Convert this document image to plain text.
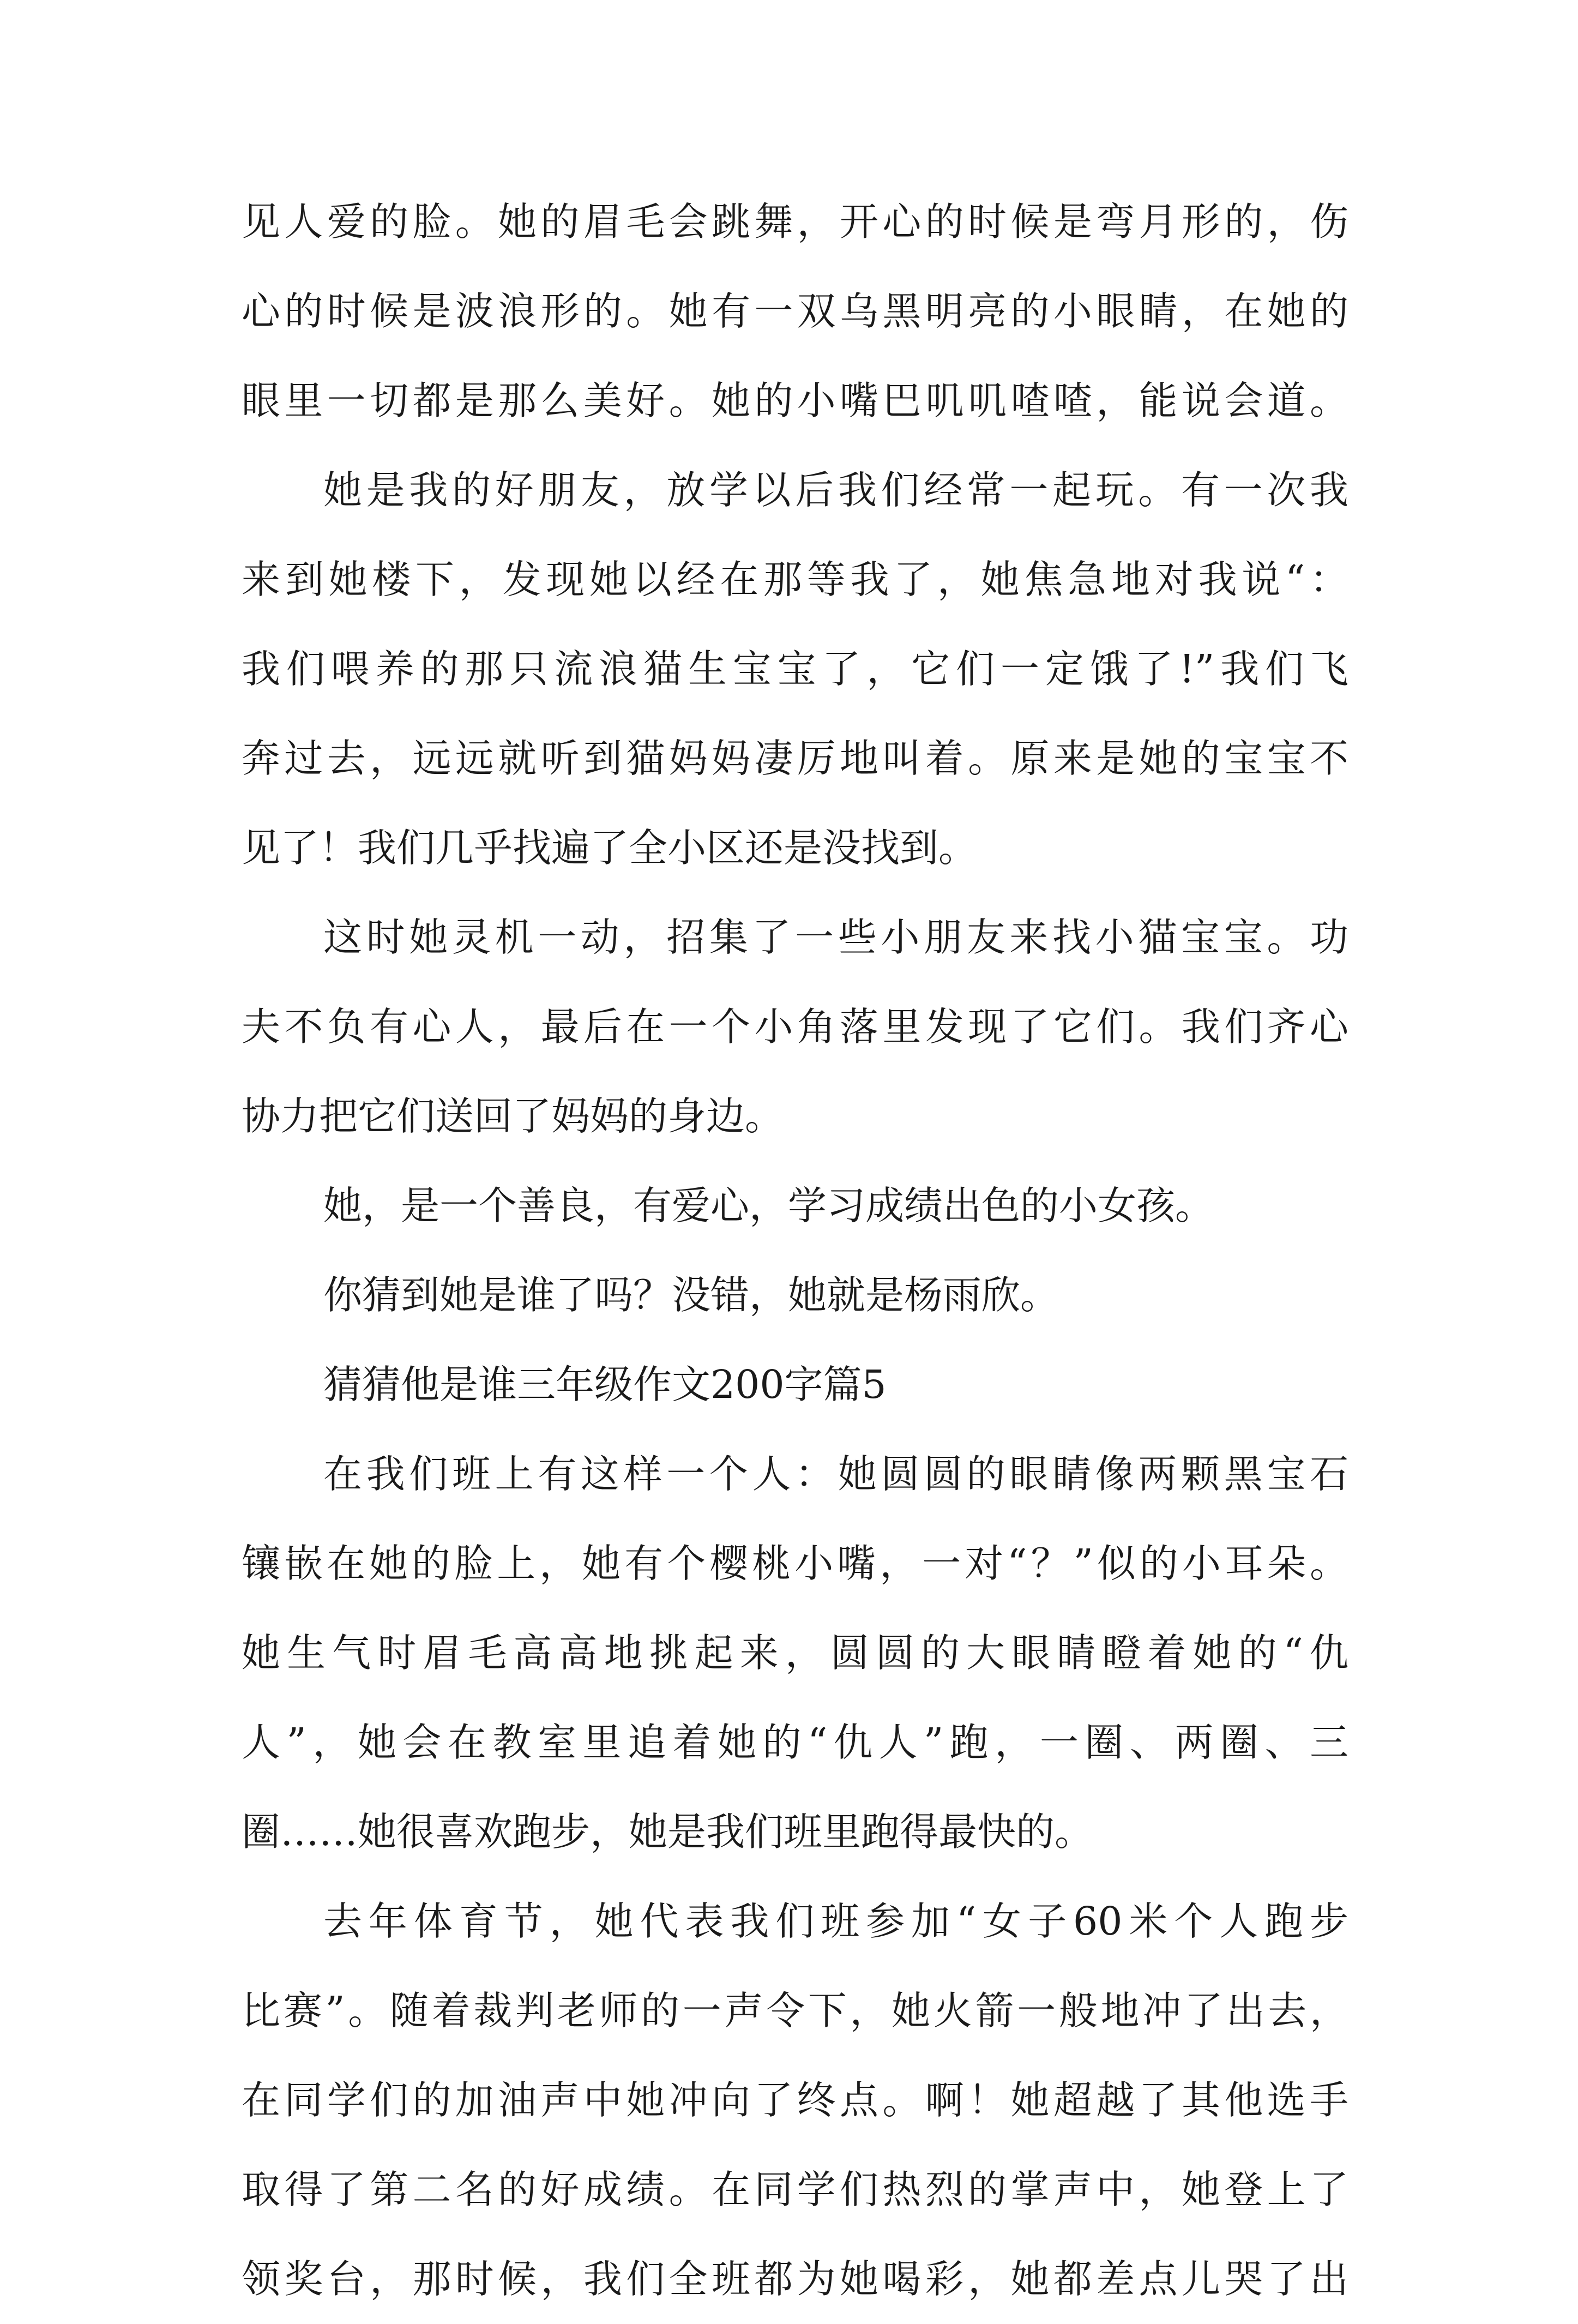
见人爱的脸。她的眉毛会跳舞，开心的时候是弯月形的，伤
心的时候是波浪形的。她有一双乌黑明亮的小眼睛，在她的
眼里一切都是那么美好。她的小嘴巴叽叽喳喳，能说会道。
她是我的好朋友，放学以后我们经常一起玩。有一次我
来到她楼下，发现她以经在那等我了，她焦急地对我说“：
我们喂养的那只流浪猫生宝宝了，它们一定饿了!”我们飞
奔过去，远远就听到猫妈妈凄厉地叫着。原来是她的宝宝不
见了！我们几乎找遍了全小区还是没找到。
这时她灵机一动，招集了一些小朋友来找小猫宝宝。功
夫不负有心人，最后在一个小角落里发现了它们。我们齐心
协力把它们送回了妈妈的身边。
她，是一个善良，有爱心，学习成绩出色的小女孩。
你猜到她是谁了吗？没错，她就是杨雨欣。
猜猜他是谁三年级作文200字篇5
在我们班上有这样一个人：她圆圆的眼睛像两颗黑宝石
镶嵌在她的脸上，她有个樱桃小嘴，一对“？”似的小耳朵。
她生气时眉毛高高地挑起来，圆圆的大眼睛瞪着她的“仇
人”，她会在教室里追着她的“仇人”跑，一圈、两圈、三
圈……她很喜欢跑步，她是我们班里跑得最快的。
去年体育节，她代表我们班参加“女子60米个人跑步
比赛”。随着裁判老师的一声令下，她火箭一般地冲了出去，
在同学们的加油声中她冲向了终点。啊！她超越了其他选手
取得了第二名的好成绩。在同学们热烈的掌声中，她登上了
领奖台，那时候，我们全班都为她喝彩，她都差点儿哭了出
